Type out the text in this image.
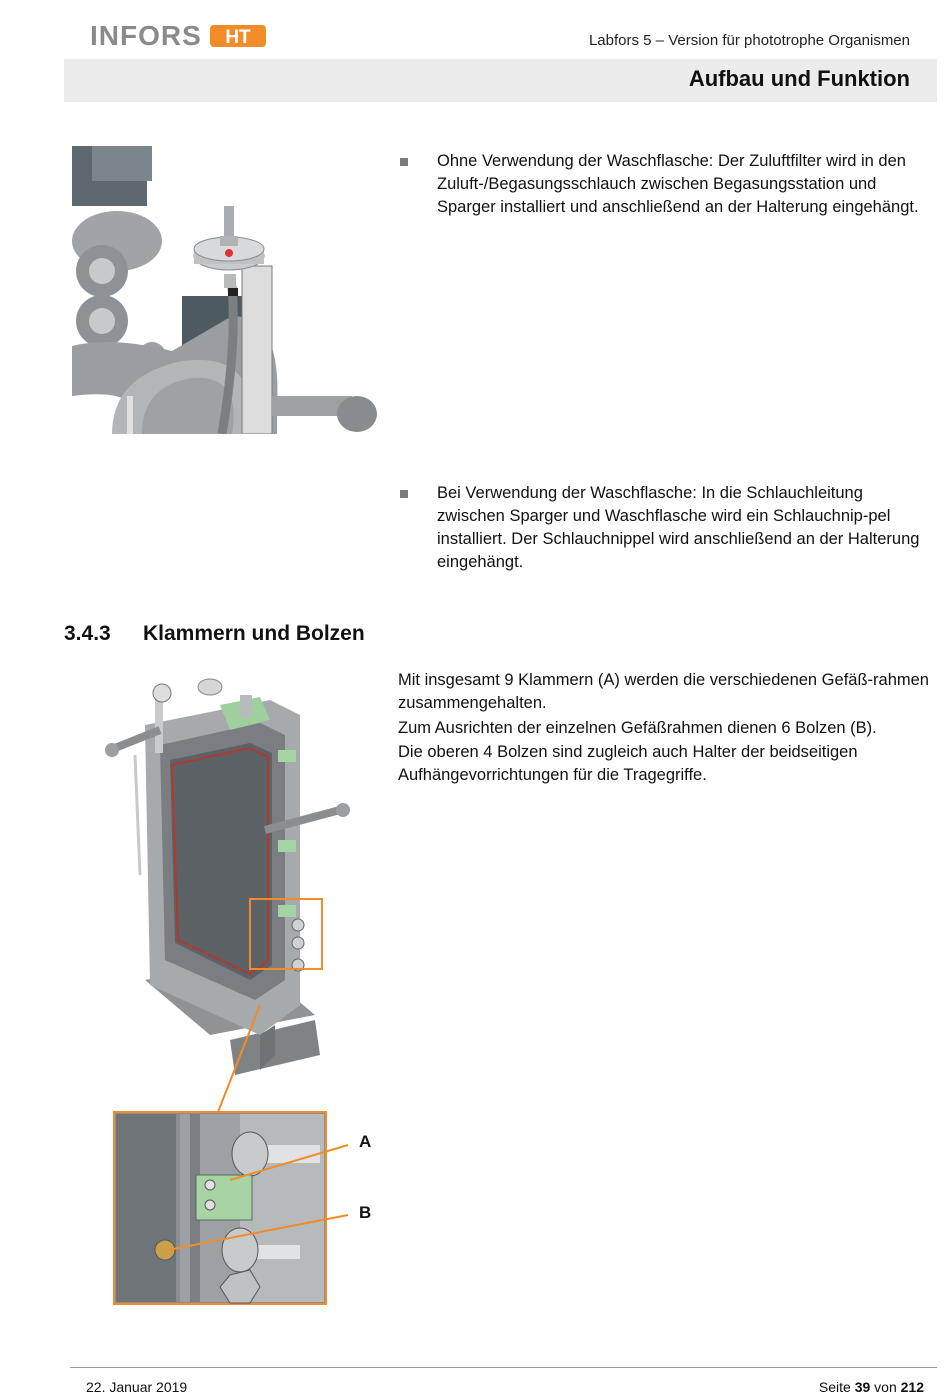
INFORS HT	Labfors 5 – Version für phototrophe Organismen
Aufbau und Funktion
Ohne Verwendung der Waschflasche: Der Zuluftfilter wird in den Zuluft-/Begasungsschlauch zwischen Begasungsstation und Sparger installiert und anschließend an der Halterung eingehängt.
Bei Verwendung der Waschflasche: In die Schlauchleitung zwischen Sparger und Waschflasche wird ein Schlauchnip-pel installiert. Der Schlauchnippel wird anschließend an der Halterung eingehängt.
3.4.3 Klammern und Bolzen
Mit insgesamt 9 Klammern (A) werden die verschiedenen Gefäß-rahmen zusammengehalten.
Zum Ausrichten der einzelnen Gefäßrahmen dienen 6 Bolzen (B).
Die oberen 4 Bolzen sind zugleich auch Halter der beidseitigen Aufhängevorrichtungen für die Tragegriffe.
A
B
22. Januar 2019	Seite 39 von 212
